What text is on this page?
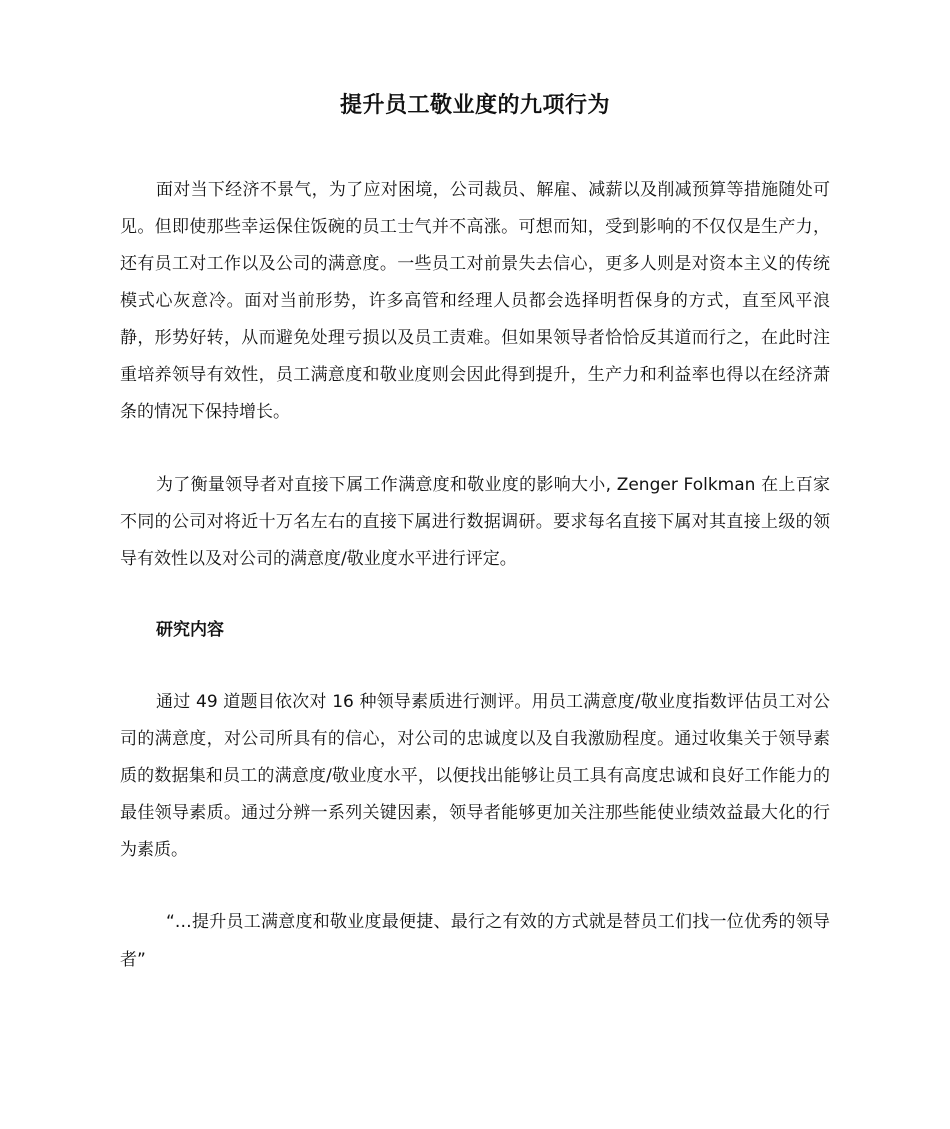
提升员工敬业度的九项行为

面对当下经济不景气，为了应对困境，公司裁员、解雇、减薪以及削减预算等措施随处可见。但即使那些幸运保住饭碗的员工士气并不高涨。可想而知，受到影响的不仅仅是生产力，还有员工对工作以及公司的满意度。一些员工对前景失去信心，更多人则是对资本主义的传统模式心灰意冷。面对当前形势，许多高管和经理人员都会选择明哲保身的方式，直至风平浪静，形势好转，从而避免处理亏损以及员工责难。但如果领导者恰恰反其道而行之，在此时注重培养领导有效性，员工满意度和敬业度则会因此得到提升，生产力和利益率也得以在经济萧条的情况下保持增长。

为了衡量领导者对直接下属工作满意度和敬业度的影响大小, Zenger Folkman 在上百家不同的公司对将近十万名左右的直接下属进行数据调研。要求每名直接下属对其直接上级的领导有效性以及对公司的满意度/敬业度水平进行评定。

研究内容

通过 49 道题目依次对 16 种领导素质进行测评。用员工满意度/敬业度指数评估员工对公司的满意度，对公司所具有的信心，对公司的忠诚度以及自我激励程度。通过收集关于领导素质的数据集和员工的满意度/敬业度水平，以便找出能够让员工具有高度忠诚和良好工作能力的最佳领导素质。通过分辨一系列关键因素，领导者能够更加关注那些能使业绩效益最大化的行为素质。

“…提升员工满意度和敬业度最便捷、最行之有效的方式就是替员工们找一位优秀的领导者”
